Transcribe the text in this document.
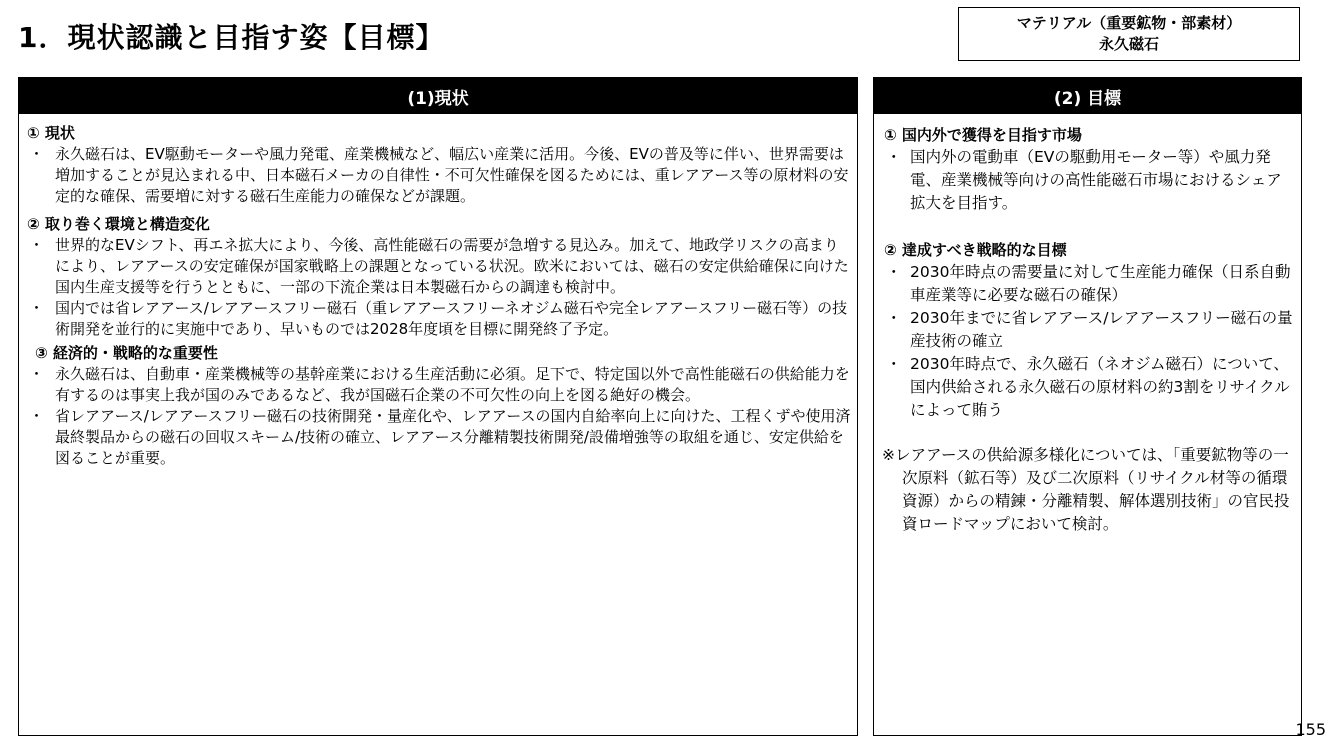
1．現状認識と目指す姿【目標】	マテリアル（重要鉱物・部素材）
永久磁石
(1)現状
① 現状
・ 永久磁石は、EV駆動モーターや風力発電、産業機械など、幅広い産業に活用。今後、EVの普及等に伴い、世界需要は増加することが見込まれる中、日本磁石メーカの自律性・不可欠性確保を図るためには、重レアアース等の原材料の安定的な確保、需要増に対する磁石生産能力の確保などが課題。
② 取り巻く環境と構造変化
・ 世界的なEVシフト、再エネ拡大により、今後、高性能磁石の需要が急増する見込み。加えて、地政学リスクの高まりにより、レアアースの安定確保が国家戦略上の課題となっている状況。欧米においては、磁石の安定供給確保に向けた国内生産支援等を行うとともに、一部の下流企業は日本製磁石からの調達も検討中。
・ 国内では省レアアース/レアアースフリー磁石（重レアアースフリーネオジム磁石や完全レアアースフリー磁石等）の技術開発を並行的に実施中であり、早いものでは2028年度頃を目標に開発終了予定。
③ 経済的・戦略的な重要性
・ 永久磁石は、自動車・産業機械等の基幹産業における生産活動に必須。足下で、特定国以外で高性能磁石の供給能力を有するのは事実上我が国のみであるなど、我が国磁石企業の不可欠性の向上を図る絶好の機会。
・ 省レアアース/レアアースフリー磁石の技術開発・量産化や、レアアースの国内自給率向上に向けた、工程くずや使用済最終製品からの磁石の回収スキーム/技術の確立、レアアース分離精製技術開発/設備増強等の取組を通じ、安定供給を図ることが重要。
(2) 目標
① 国内外で獲得を目指す市場
・ 国内外の電動車（EVの駆動用モーター等）や風力発電、産業機械等向けの高性能磁石市場におけるシェア拡大を目指す。
② 達成すべき戦略的な目標
・ 2030年時点の需要量に対して生産能力確保（日系自動車産業等に必要な磁石の確保）
・ 2030年までに省レアアース/レアアースフリー磁石の量産技術の確立
・ 2030年時点で、永久磁石（ネオジム磁石）について、国内供給される永久磁石の原材料の約3割をリサイクルによって賄う
※レアアースの供給源多様化については、「重要鉱物等の一次原料（鉱石等）及び二次原料（リサイクル材等の循環資源）からの精錬・分離精製、解体選別技術」の官民投資ロードマップにおいて検討。
155
